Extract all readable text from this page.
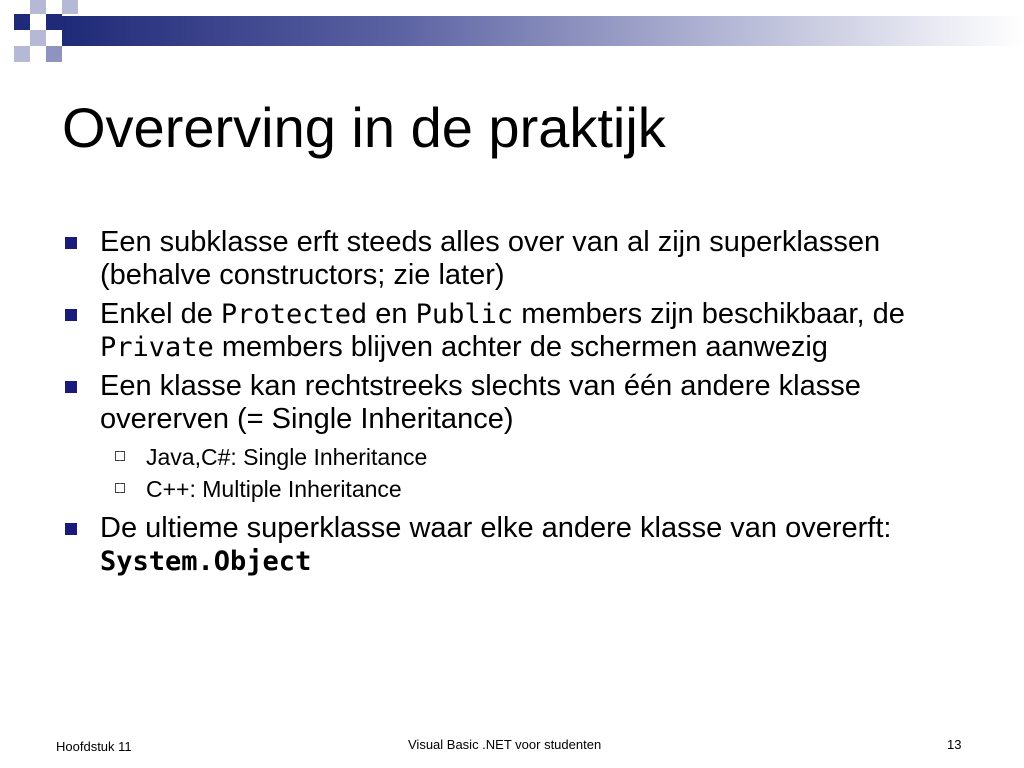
Overerving in de praktijk
Een subklasse erft steeds alles over van al zijn superklassen (behalve constructors; zie later)
Enkel de Protected en Public members zijn beschikbaar, de Private members blijven achter de schermen aanwezig
Een klasse kan rechtstreeks slechts van één andere klasse overerven (= Single Inheritance)
Java,C#: Single Inheritance
C++: Multiple Inheritance
De ultieme superklasse waar elke andere klasse van overerft: System.Object
Hoofdstuk 11	Visual Basic .NET voor studenten	13
